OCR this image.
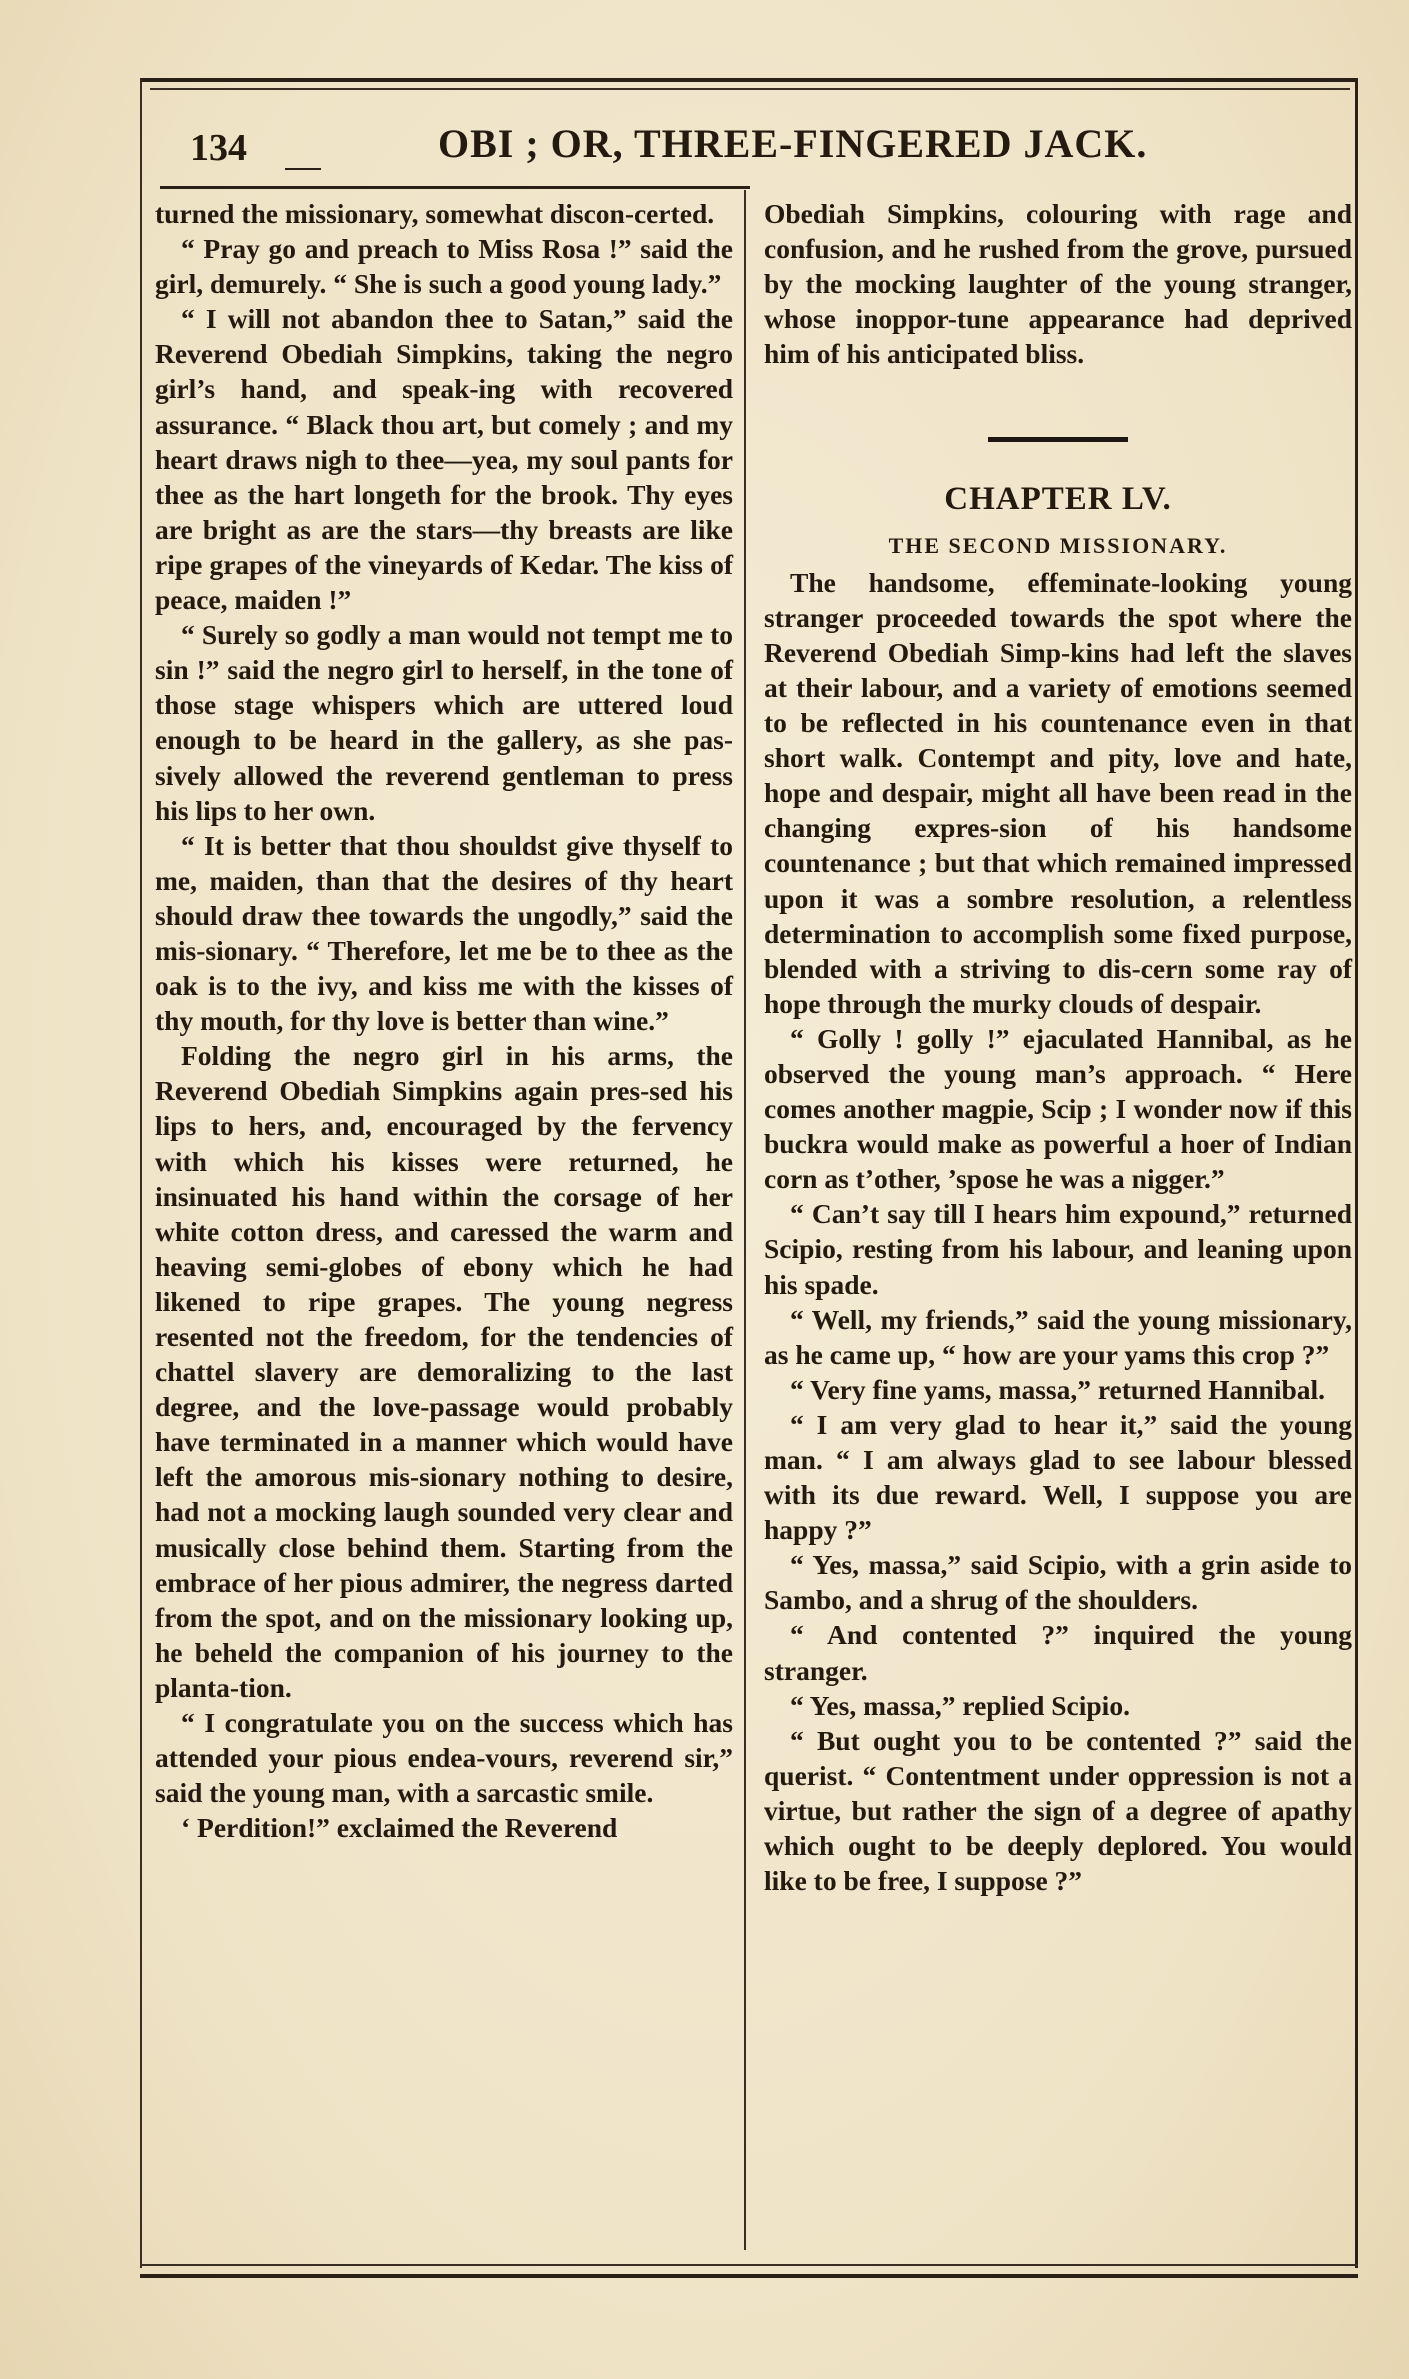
134	OBI ; OR, THREE-FINGERED JACK.

turned the missionary, somewhat discon-certed.

“ Pray go and preach to Miss Rosa !” said the girl, demurely. “ She is such a good young lady.”

“ I will not abandon thee to Satan,” said the Reverend Obediah Simpkins, taking the negro girl’s hand, and speak-ing with recovered assurance. “ Black thou art, but comely ; and my heart draws nigh to thee—yea, my soul pants for thee as the hart longeth for the brook. Thy eyes are bright as are the stars—thy breasts are like ripe grapes of the vineyards of Kedar. The kiss of peace, maiden !”

“ Surely so godly a man would not tempt me to sin !” said the negro girl to herself, in the tone of those stage whispers which are uttered loud enough to be heard in the gallery, as she pas-sively allowed the reverend gentleman to press his lips to her own.

“ It is better that thou shouldst give thyself to me, maiden, than that the desires of thy heart should draw thee towards the ungodly,” said the mis-sionary. “ Therefore, let me be to thee as the oak is to the ivy, and kiss me with the kisses of thy mouth, for thy love is better than wine.”

Folding the negro girl in his arms, the Reverend Obediah Simpkins again pres-sed his lips to hers, and, encouraged by the fervency with which his kisses were returned, he insinuated his hand within the corsage of her white cotton dress, and caressed the warm and heaving semi-globes of ebony which he had likened to ripe grapes. The young negress resented not the freedom, for the tendencies of chattel slavery are demoralizing to the last degree, and the love-passage would probably have terminated in a manner which would have left the amorous mis-sionary nothing to desire, had not a mocking laugh sounded very clear and musically close behind them. Starting from the embrace of her pious admirer, the negress darted from the spot, and on the missionary looking up, he beheld the companion of his journey to the planta-tion.

“ I congratulate you on the success which has attended your pious endea-vours, reverend sir,” said the young man, with a sarcastic smile.

‘ Perdition!” exclaimed the Reverend

Obediah Simpkins, colouring with rage and confusion, and he rushed from the grove, pursued by the mocking laughter of the young stranger, whose inoppor-tune appearance had deprived him of his anticipated bliss.

CHAPTER LV.
THE SECOND MISSIONARY.

The handsome, effeminate-looking young stranger proceeded towards the spot where the Reverend Obediah Simp-kins had left the slaves at their labour, and a variety of emotions seemed to be reflected in his countenance even in that short walk. Contempt and pity, love and hate, hope and despair, might all have been read in the changing expres-sion of his handsome countenance ; but that which remained impressed upon it was a sombre resolution, a relentless determination to accomplish some fixed purpose, blended with a striving to dis-cern some ray of hope through the murky clouds of despair.

“ Golly ! golly !” ejaculated Hannibal, as he observed the young man’s approach. “ Here comes another magpie, Scip ; I wonder now if this buckra would make as powerful a hoer of Indian corn as t’other, ’spose he was a nigger.”

“ Can’t say till I hears him expound,” returned Scipio, resting from his labour, and leaning upon his spade.

“ Well, my friends,” said the young missionary, as he came up, “ how are your yams this crop ?”

“ Very fine yams, massa,” returned Hannibal.

“ I am very glad to hear it,” said the young man. “ I am always glad to see labour blessed with its due reward. Well, I suppose you are happy ?”

“ Yes, massa,” said Scipio, with a grin aside to Sambo, and a shrug of the shoulders.

“ And contented ?” inquired the young stranger.

“ Yes, massa,” replied Scipio.

“ But ought you to be contented ?” said the querist. “ Contentment under oppression is not a virtue, but rather the sign of a degree of apathy which ought to be deeply deplored. You would like to be free, I suppose ?”
